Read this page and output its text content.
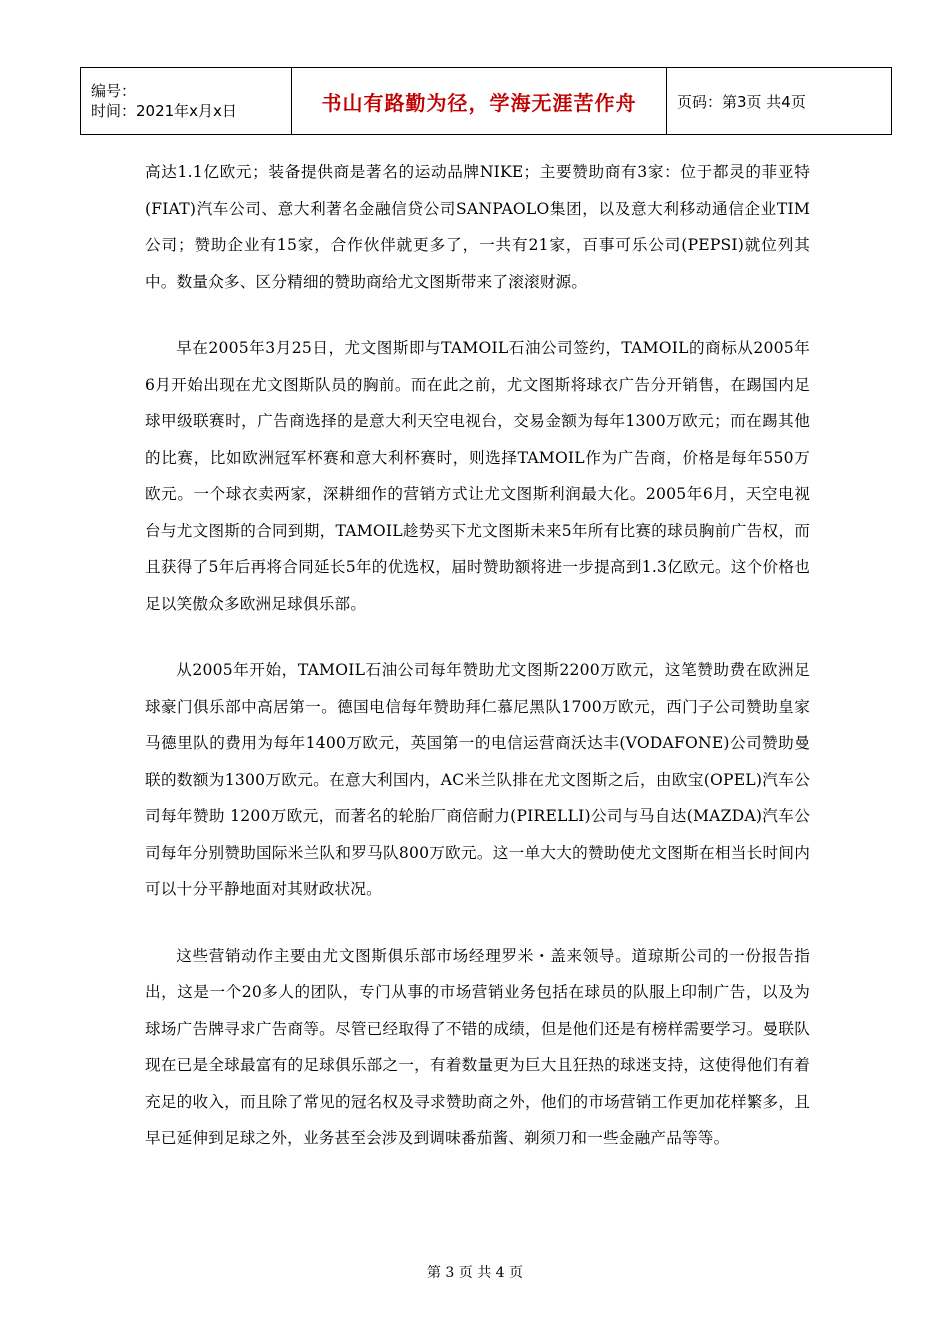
编号：
时间：2021年x月x日	书山有路勤为径，学海无涯苦作舟	页码：第3页 共4页

高达1.1亿欧元；装备提供商是著名的运动品牌NIKE；主要赞助商有3家：位于都灵的菲亚特(FIAT)汽车公司、意大利著名金融信贷公司SANPAOLO集团，以及意大利移动通信企业TIM公司；赞助企业有15家，合作伙伴就更多了，一共有21家，百事可乐公司(PEPSI)就位列其中。数量众多、区分精细的赞助商给尤文图斯带来了滚滚财源。

早在2005年3月25日，尤文图斯即与TAMOIL石油公司签约，TAMOIL的商标从2005年6月开始出现在尤文图斯队员的胸前。而在此之前，尤文图斯将球衣广告分开销售，在踢国内足球甲级联赛时，广告商选择的是意大利天空电视台，交易金额为每年1300万欧元；而在踢其他的比赛，比如欧洲冠军杯赛和意大利杯赛时，则选择TAMOIL作为广告商，价格是每年550万欧元。一个球衣卖两家，深耕细作的营销方式让尤文图斯利润最大化。2005年6月，天空电视台与尤文图斯的合同到期，TAMOIL趁势买下尤文图斯未来5年所有比赛的球员胸前广告权，而且获得了5年后再将合同延长5年的优选权，届时赞助额将进一步提高到1.3亿欧元。这个价格也足以笑傲众多欧洲足球俱乐部。

从2005年开始，TAMOIL石油公司每年赞助尤文图斯2200万欧元，这笔赞助费在欧洲足球豪门俱乐部中高居第一。德国电信每年赞助拜仁慕尼黑队1700万欧元，西门子公司赞助皇家马德里队的费用为每年1400万欧元，英国第一的电信运营商沃达丰(VODAFONE)公司赞助曼联的数额为1300万欧元。在意大利国内，AC米兰队排在尤文图斯之后，由欧宝(OPEL)汽车公司每年赞助 1200万欧元，而著名的轮胎厂商倍耐力(PIRELLI)公司与马自达(MAZDA)汽车公司每年分别赞助国际米兰队和罗马队800万欧元。这一单大大的赞助使尤文图斯在相当长时间内可以十分平静地面对其财政状况。

这些营销动作主要由尤文图斯俱乐部市场经理罗米・盖来领导。道琼斯公司的一份报告指出，这是一个20多人的团队，专门从事的市场营销业务包括在球员的队服上印制广告，以及为球场广告牌寻求广告商等。尽管已经取得了不错的成绩，但是他们还是有榜样需要学习。曼联队现在已是全球最富有的足球俱乐部之一，有着数量更为巨大且狂热的球迷支持，这使得他们有着充足的收入，而且除了常见的冠名权及寻求赞助商之外，他们的市场营销工作更加花样繁多，且早已延伸到足球之外，业务甚至会涉及到调味番茄酱、剃须刀和一些金融产品等等。

第 3 页 共 4 页
